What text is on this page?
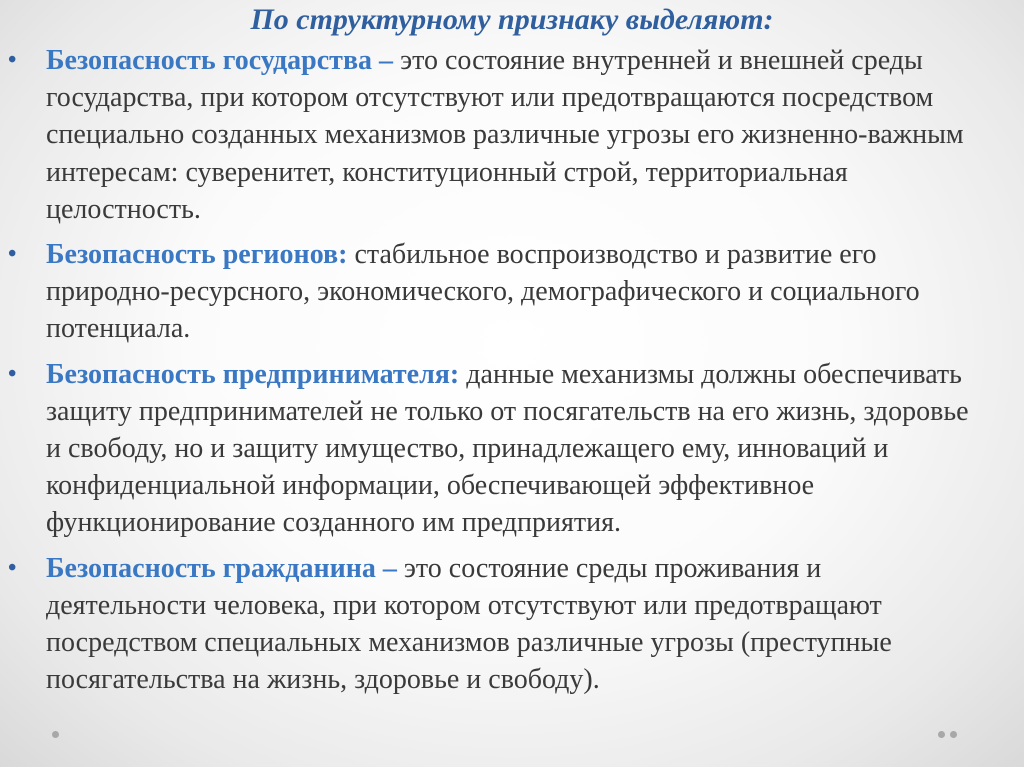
По структурному признаку выделяют:
• Безопасность государства – это состояние внутренней и внешней среды государства, при котором отсутствуют или предотвращаются посредством специально созданных механизмов различные угрозы его жизненно-важным интересам: суверенитет, конституционный строй, территориальная целостность.
• Безопасность регионов: стабильное воспроизводство и развитие его природно-ресурсного, экономического, демографического и социального потенциала.
• Безопасность предпринимателя: данные механизмы должны обеспечивать защиту предпринимателей не только от посягательств на его жизнь, здоровье и свободу, но и защиту имущество, принадлежащего ему, инноваций и конфиденциальной информации, обеспечивающей эффективное функционирование созданного им предприятия.
• Безопасность гражданина – это состояние среды проживания и деятельности человека, при котором отсутствуют или предотвращают посредством специальных механизмов различные угрозы (преступные посягательства на жизнь, здоровье и свободу).
